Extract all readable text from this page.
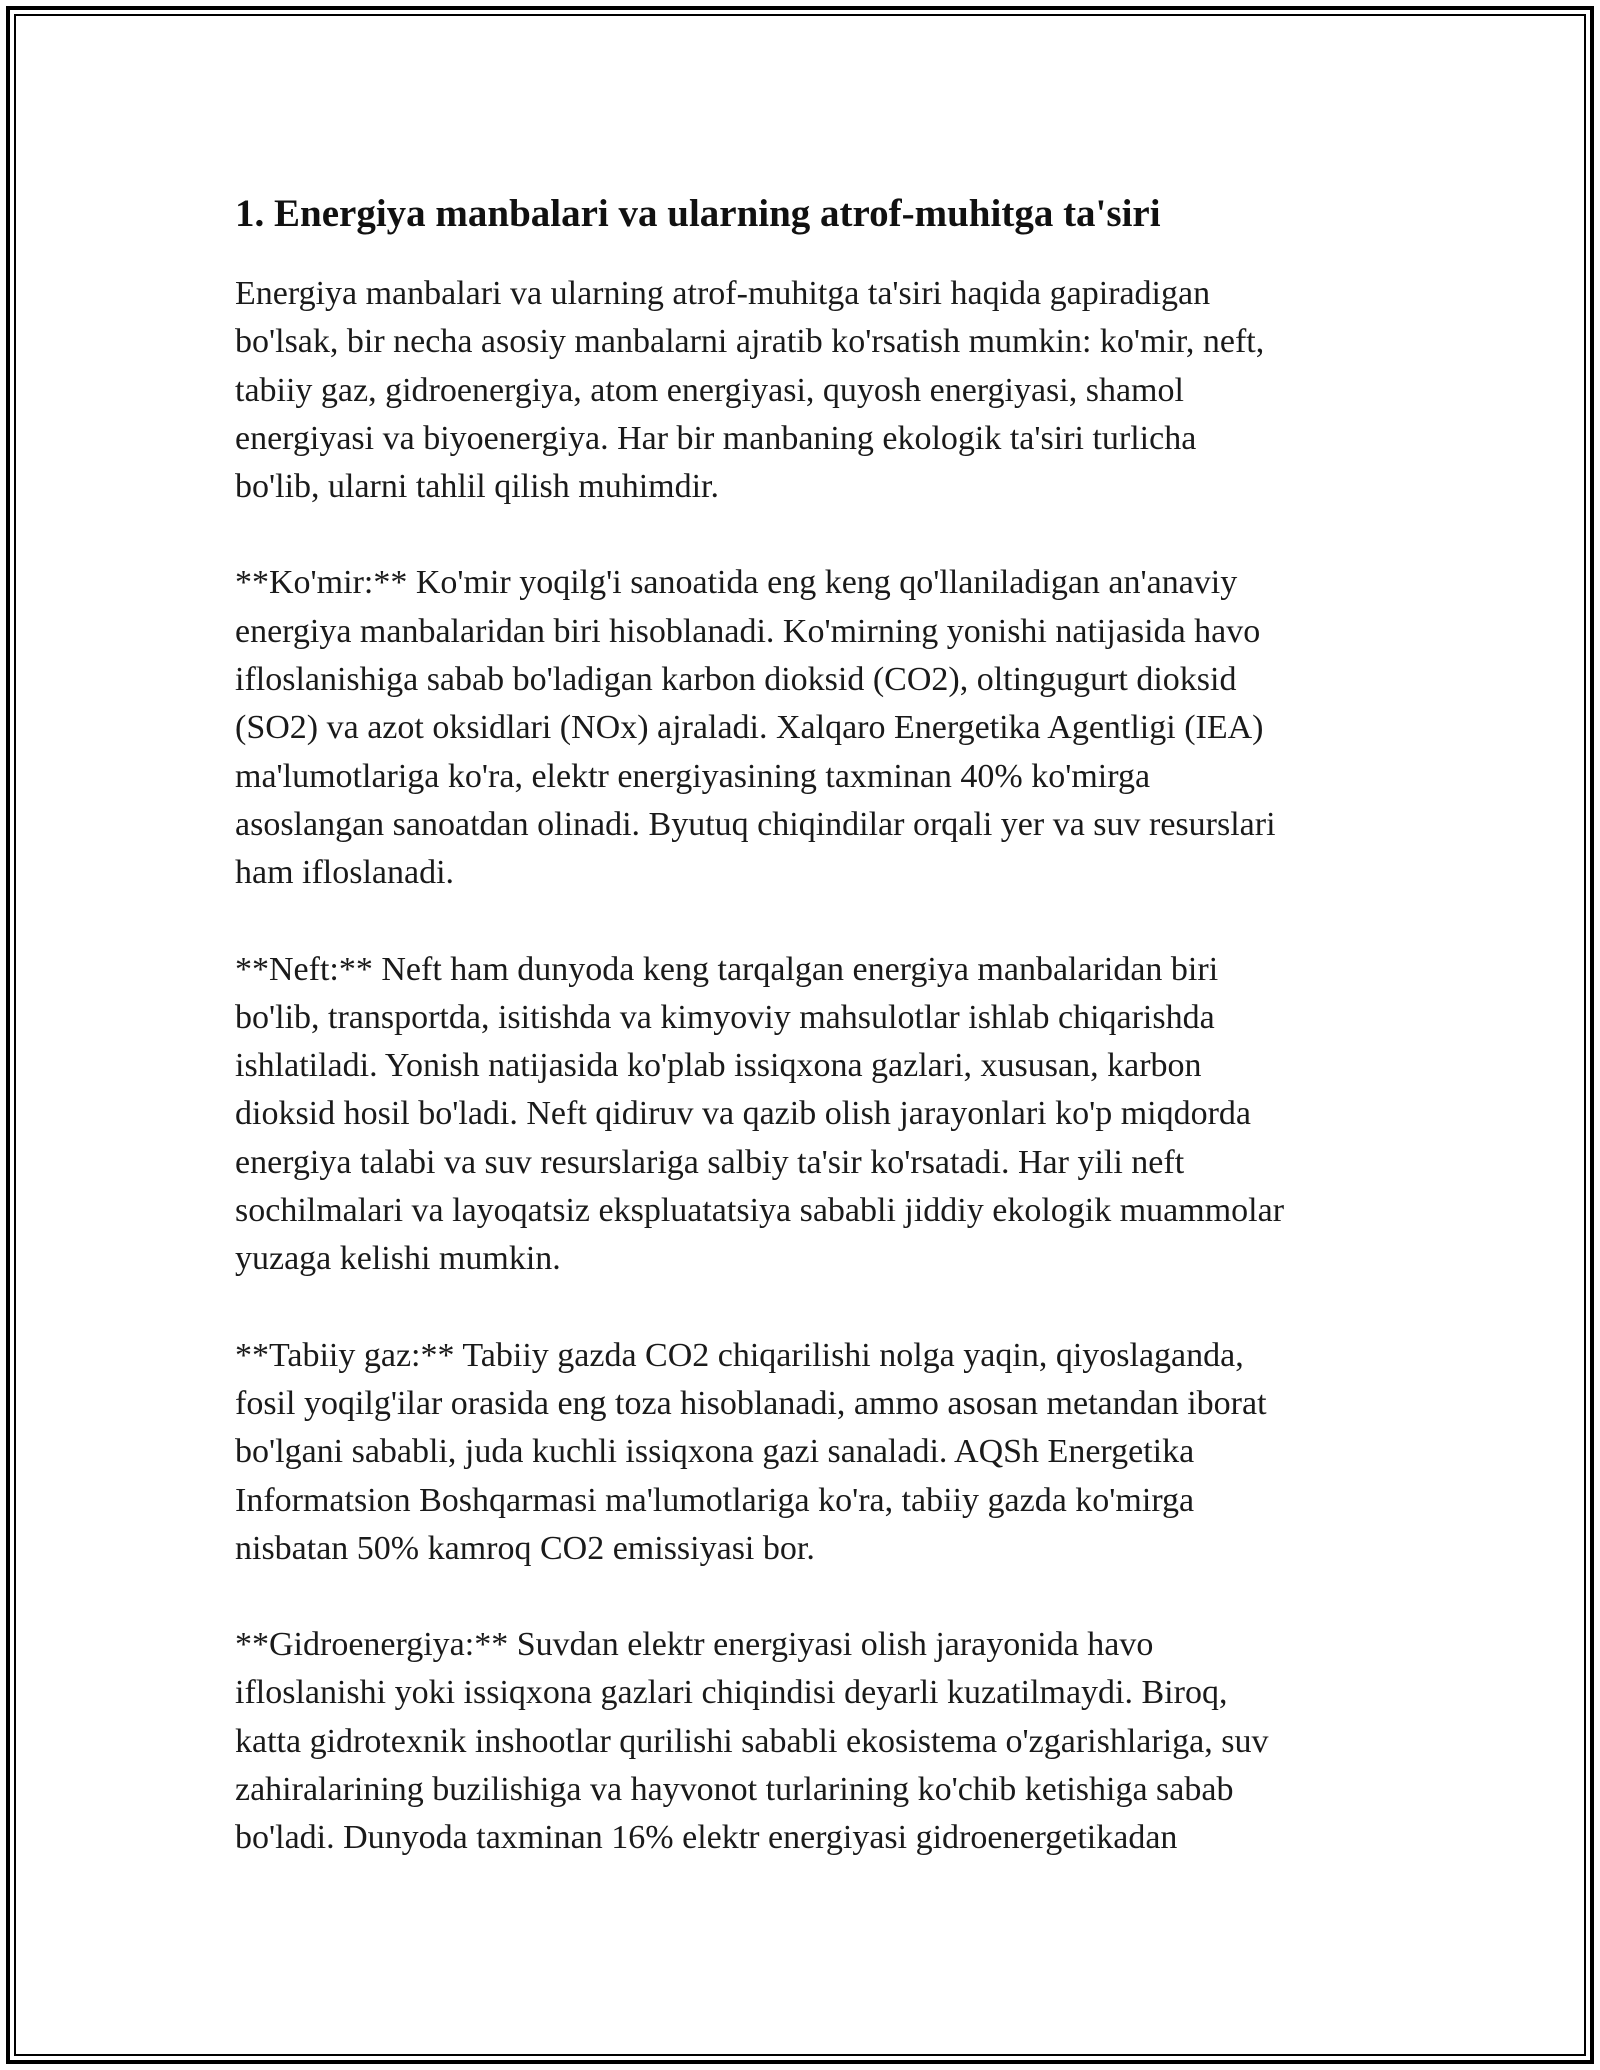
1. Energiya manbalari va ularning atrof-muhitga ta'siri

Energiya manbalari va ularning atrof-muhitga ta'siri haqida gapiradigan
bo'lsak, bir necha asosiy manbalarni ajratib ko'rsatish mumkin: ko'mir, neft,
tabiiy gaz, gidroenergiya, atom energiyasi, quyosh energiyasi, shamol
energiyasi va biyoenergiya. Har bir manbaning ekologik ta'siri turlicha
bo'lib, ularni tahlil qilish muhimdir.

**Ko'mir:** Ko'mir yoqilg'i sanoatida eng keng qo'llaniladigan an'anaviy
energiya manbalaridan biri hisoblanadi. Ko'mirning yonishi natijasida havo
ifloslanishiga sabab bo'ladigan karbon dioksid (CO2), oltingugurt dioksid
(SO2) va azot oksidlari (NOx) ajraladi. Xalqaro Energetika Agentligi (IEA)
ma'lumotlariga ko'ra, elektr energiyasining taxminan 40% ko'mirga
asoslangan sanoatdan olinadi. Byutuq chiqindilar orqali yer va suv resurslari
ham ifloslanadi.

**Neft:** Neft ham dunyoda keng tarqalgan energiya manbalaridan biri
bo'lib, transportda, isitishda va kimyoviy mahsulotlar ishlab chiqarishda
ishlatiladi. Yonish natijasida ko'plab issiqxona gazlari, xususan, karbon
dioksid hosil bo'ladi. Neft qidiruv va qazib olish jarayonlari ko'p miqdorda
energiya talabi va suv resurslariga salbiy ta'sir ko'rsatadi. Har yili neft
sochilmalari va layoqatsiz ekspluatatsiya sababli jiddiy ekologik muammolar
yuzaga kelishi mumkin.

**Tabiiy gaz:** Tabiiy gazda CO2 chiqarilishi nolga yaqin, qiyoslaganda,
fosil yoqilg'ilar orasida eng toza hisoblanadi, ammo asosan metandan iborat
bo'lgani sababli, juda kuchli issiqxona gazi sanaladi. AQSh Energetika
Informatsion Boshqarmasi ma'lumotlariga ko'ra, tabiiy gazda ko'mirga
nisbatan 50% kamroq CO2 emissiyasi bor.

**Gidroenergiya:** Suvdan elektr energiyasi olish jarayonida havo
ifloslanishi yoki issiqxona gazlari chiqindisi deyarli kuzatilmaydi. Biroq,
katta gidrotexnik inshootlar qurilishi sababli ekosistema o'zgarishlariga, suv
zahiralarining buzilishiga va hayvonot turlarining ko'chib ketishiga sabab
bo'ladi. Dunyoda taxminan 16% elektr energiyasi gidroenergetikadan
